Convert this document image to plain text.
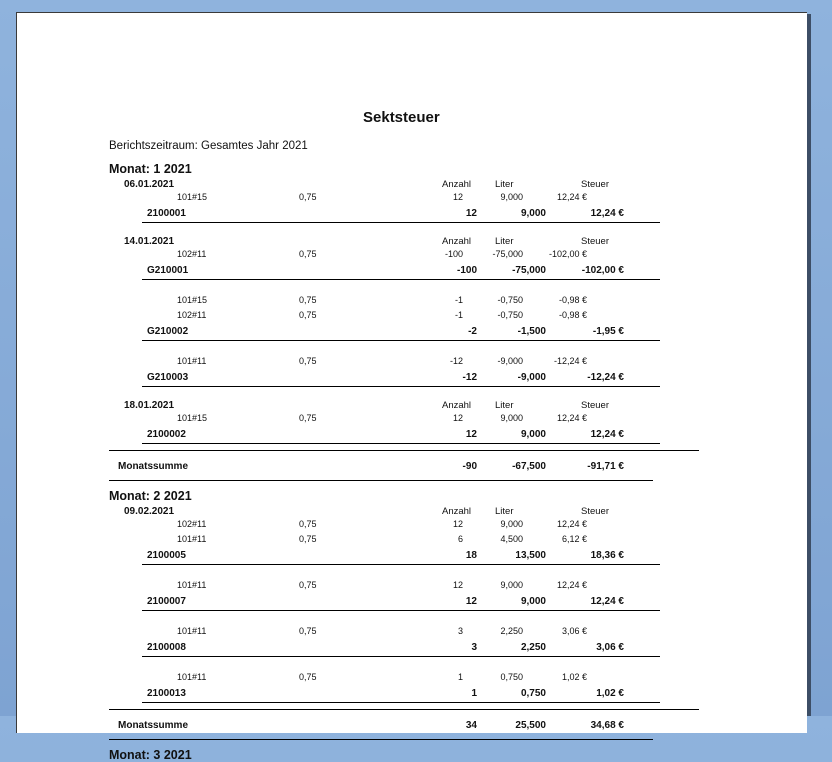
Sektsteuer
Berichtszeitraum: Gesamtes Jahr 2021
Monat: 1 2021
06.01.2021	Anzahl	Liter	Steuer
101#15	0,75	12	9,000	12,24 €
2100001	12	9,000	12,24 €
14.01.2021	Anzahl	Liter	Steuer
102#11	0,75	-100	-75,000	-102,00 €
G210001	-100	-75,000	-102,00 €
101#15	0,75	-1	-0,750	-0,98 €
102#11	0,75	-1	-0,750	-0,98 €
G210002	-2	-1,500	-1,95 €
101#11	0,75	-12	-9,000	-12,24 €
G210003	-12	-9,000	-12,24 €
18.01.2021	Anzahl	Liter	Steuer
101#15	0,75	12	9,000	12,24 €
2100002	12	9,000	12,24 €
Monatssumme	-90	-67,500	-91,71 €
Monat: 2 2021
09.02.2021	Anzahl	Liter	Steuer
102#11	0,75	12	9,000	12,24 €
101#11	0,75	6	4,500	6,12 €
2100005	18	13,500	18,36 €
101#11	0,75	12	9,000	12,24 €
2100007	12	9,000	12,24 €
101#11	0,75	3	2,250	3,06 €
2100008	3	2,250	3,06 €
101#11	0,75	1	0,750	1,02 €
2100013	1	0,750	1,02 €
Monatssumme	34	25,500	34,68 €
Monat: 3 2021
